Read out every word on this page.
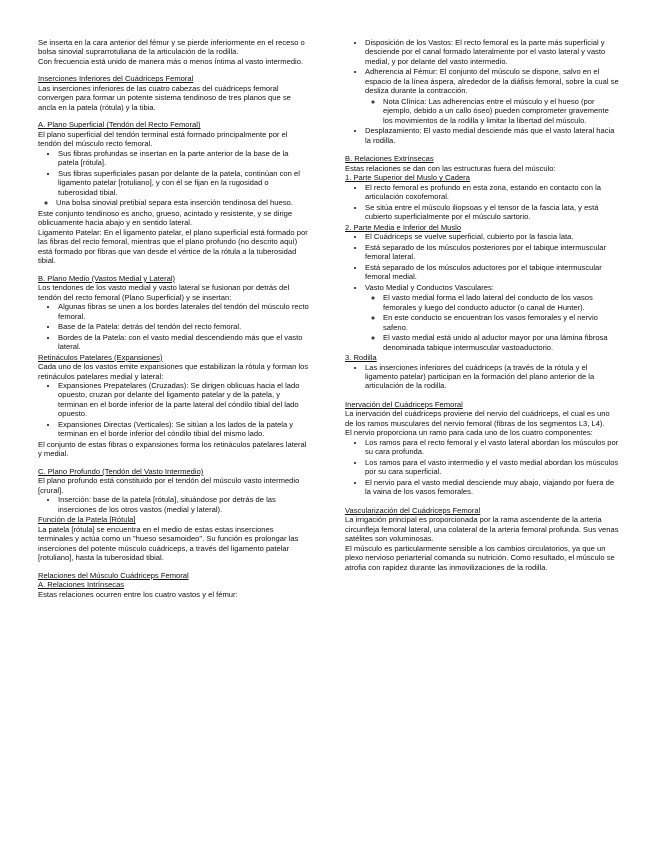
Se inserta en la cara anterior del fémur y se pierde inferiormente en el receso o bolsa sinovial suprarrotuliana de la articulación de la rodilla.

Con frecuencia está unido de manera más o menos íntima al vasto intermedio.

Inserciones Inferiores del Cuádriceps Femoral

Las inserciones inferiores de las cuatro cabezas del cuádriceps femoral convergen para formar un potente sistema tendinoso de tres planos que se ancla en la patela (rótula) y la tibia.

A. Plano Superficial (Tendón del Recto Femoral)

El plano superficial del tendón terminal está formado principalmente por el tendón del músculo recto femoral.

• Sus fibras profundas se insertan en la parte anterior de la base de la patela [rótula].
• Sus fibras superficiales pasan por delante de la patela, continúan con el ligamento patelar [rotuliano], y con él se fijan en la rugosidad o tuberosidad tibial.
◦ Una bolsa sinovial pretibial separa esta inserción tendinosa del hueso.

Este conjunto tendinoso es ancho, grueso, acintado y resistente, y se dirige oblicuamente hacia abajo y en sentido lateral.

Ligamento Patelar: En el ligamento patelar, el plano superficial está formado por las fibras del recto femoral, mientras que el plano profundo (no descrito aquí) está formado por fibras que van desde el vértice de la rótula a la tuberosidad tibial.

B. Plano Medio (Vastos Medial y Lateral)

Los tendones de los vasto medial y vasto lateral se fusionan por detrás del tendón del recto femoral (Plano Superficial) y se insertan:

• Algunas fibras se unen a los bordes laterales del tendón del músculo recto femoral.
• Base de la Patela: detrás del tendón del recto femoral.
• Bordes de la Patela: con el vasto medial descendiendo más que el vasto lateral.

Retináculos Patelares (Expansiones)

Cada uno de los vastos emite expansiones que estabilizan la rótula y forman los retináculos patelares medial y lateral:

• Expansiones Prepatelares (Cruzadas): Se dirigen oblicuas hacia el lado opuesto, cruzan por delante del ligamento patelar y de la patela, y terminan en el borde inferior de la parte lateral del cóndilo tibial del lado opuesto.
• Expansiones Directas (Verticales): Se sitúan a los lados de la patela y terminan en el borde inferior del cóndilo tibial del mismo lado.

El conjunto de estas fibras o expansiones forma los retináculos patelares lateral y medial.

C. Plano Profundo (Tendón del Vasto Intermedio)

El plano profundo está constituido por el tendón del músculo vasto intermedio [crural].

• Inserción: base de la patela [rótula], situándose por detrás de las inserciones de los otros vastos (medial y lateral).

Función de la Patela [Rótula]

La patela [rótula] se encuentra en el medio de estas estas inserciones terminales y actúa como un "hueso sesamoideo". Su función es prolongar las inserciones del potente músculo cuádriceps, a través del ligamento patelar [rotuliano], hasta la tuberosidad tibial.

Relaciones del Músculo Cuádriceps Femoral

A. Relaciones Intrínsecas

Estas relaciones ocurren entre los cuatro vastos y el fémur:

• Disposición de los Vastos: El recto femoral es la parte más superficial y desciende por el canal formado lateralmente por el vasto lateral y vasto medial, y por delante del vasto intermedio.
• Adherencia al Fémur: El conjunto del músculo se dispone, salvo en el espacio de la línea áspera, alrededor de la diáfisis femoral, sobre la cual se desliza durante la contracción.
◦ Nota Clínica: Las adherencias entre el músculo y el hueso (por ejemplo, debido a un callo óseo) pueden comprometer gravemente los movimientos de la rodilla y limitar la libertad del músculo.
• Desplazamiento: El vasto medial desciende más que el vasto lateral hacia la rodilla.

B. Relaciones Extrínsecas

Estas relaciones se dan con las estructuras fuera del músculo:

1. Parte Superior del Muslo y Cadera

• El recto femoral es profundo en esta zona, estando en contacto con la articulación coxofemoral.
• Se sitúa entre el músculo iliopsoas y el tensor de la fascia lata, y está cubierto superficialmente por el músculo sartorio.

2. Parte Media e Inferior del Muslo

• El Cuádriceps se vuelve superficial, cubierto por la fascia lata.
• Está separado de los músculos posteriores por el tabique intermuscular femoral lateral.
• Está separado de los músculos aductores por el tabique intermuscular femoral medial.
• Vasto Medial y Conductos Vasculares:
◦ El vasto medial forma el lado lateral del conducto de los vasos femorales y luego del conducto aductor (o canal de Hunter).
◦ En este conducto se encuentran los vasos femorales y el nervio safeno.
◦ El vasto medial está unido al aductor mayor por una lámina fibrosa denominada tabique intermuscular vastoaductorio.

3. Rodilla

• Las inserciones inferiores del cuádriceps (a través de la rótula y el ligamento patelar) participan en la formación del plano anterior de la articulación de la rodilla.

Inervación del Cuádriceps Femoral

La inervación del cuádriceps proviene del nervio del cuádriceps, el cual es uno de los ramos musculares del nervio femoral (fibras de los segmentos L3, L4).

El nervio proporciona un ramo para cada uno de los cuatro componentes:

• Los ramos para el recto femoral y el vasto lateral abordan los músculos por su cara profunda.
• Los ramos para el vasto intermedio y el vasto medial abordan los músculos por su cara superficial.
• El nervio para el vasto medial desciende muy abajo, viajando por fuera de la vaina de los vasos femorales.

Vascularización del Cuádriceps Femoral

La irrigación principal es proporcionada por la rama ascendente de la arteria circunfleja femoral lateral, una colateral de la arteria femoral profunda. Sus venas satélites son voluminosas.

El músculo es particularmente sensible a los cambios circulatorios, ya que un plexo nervioso periarterial comanda su nutrición. Como resultado, el músculo se atrofia con rapidez durante las inmovilizaciones de la rodilla.
